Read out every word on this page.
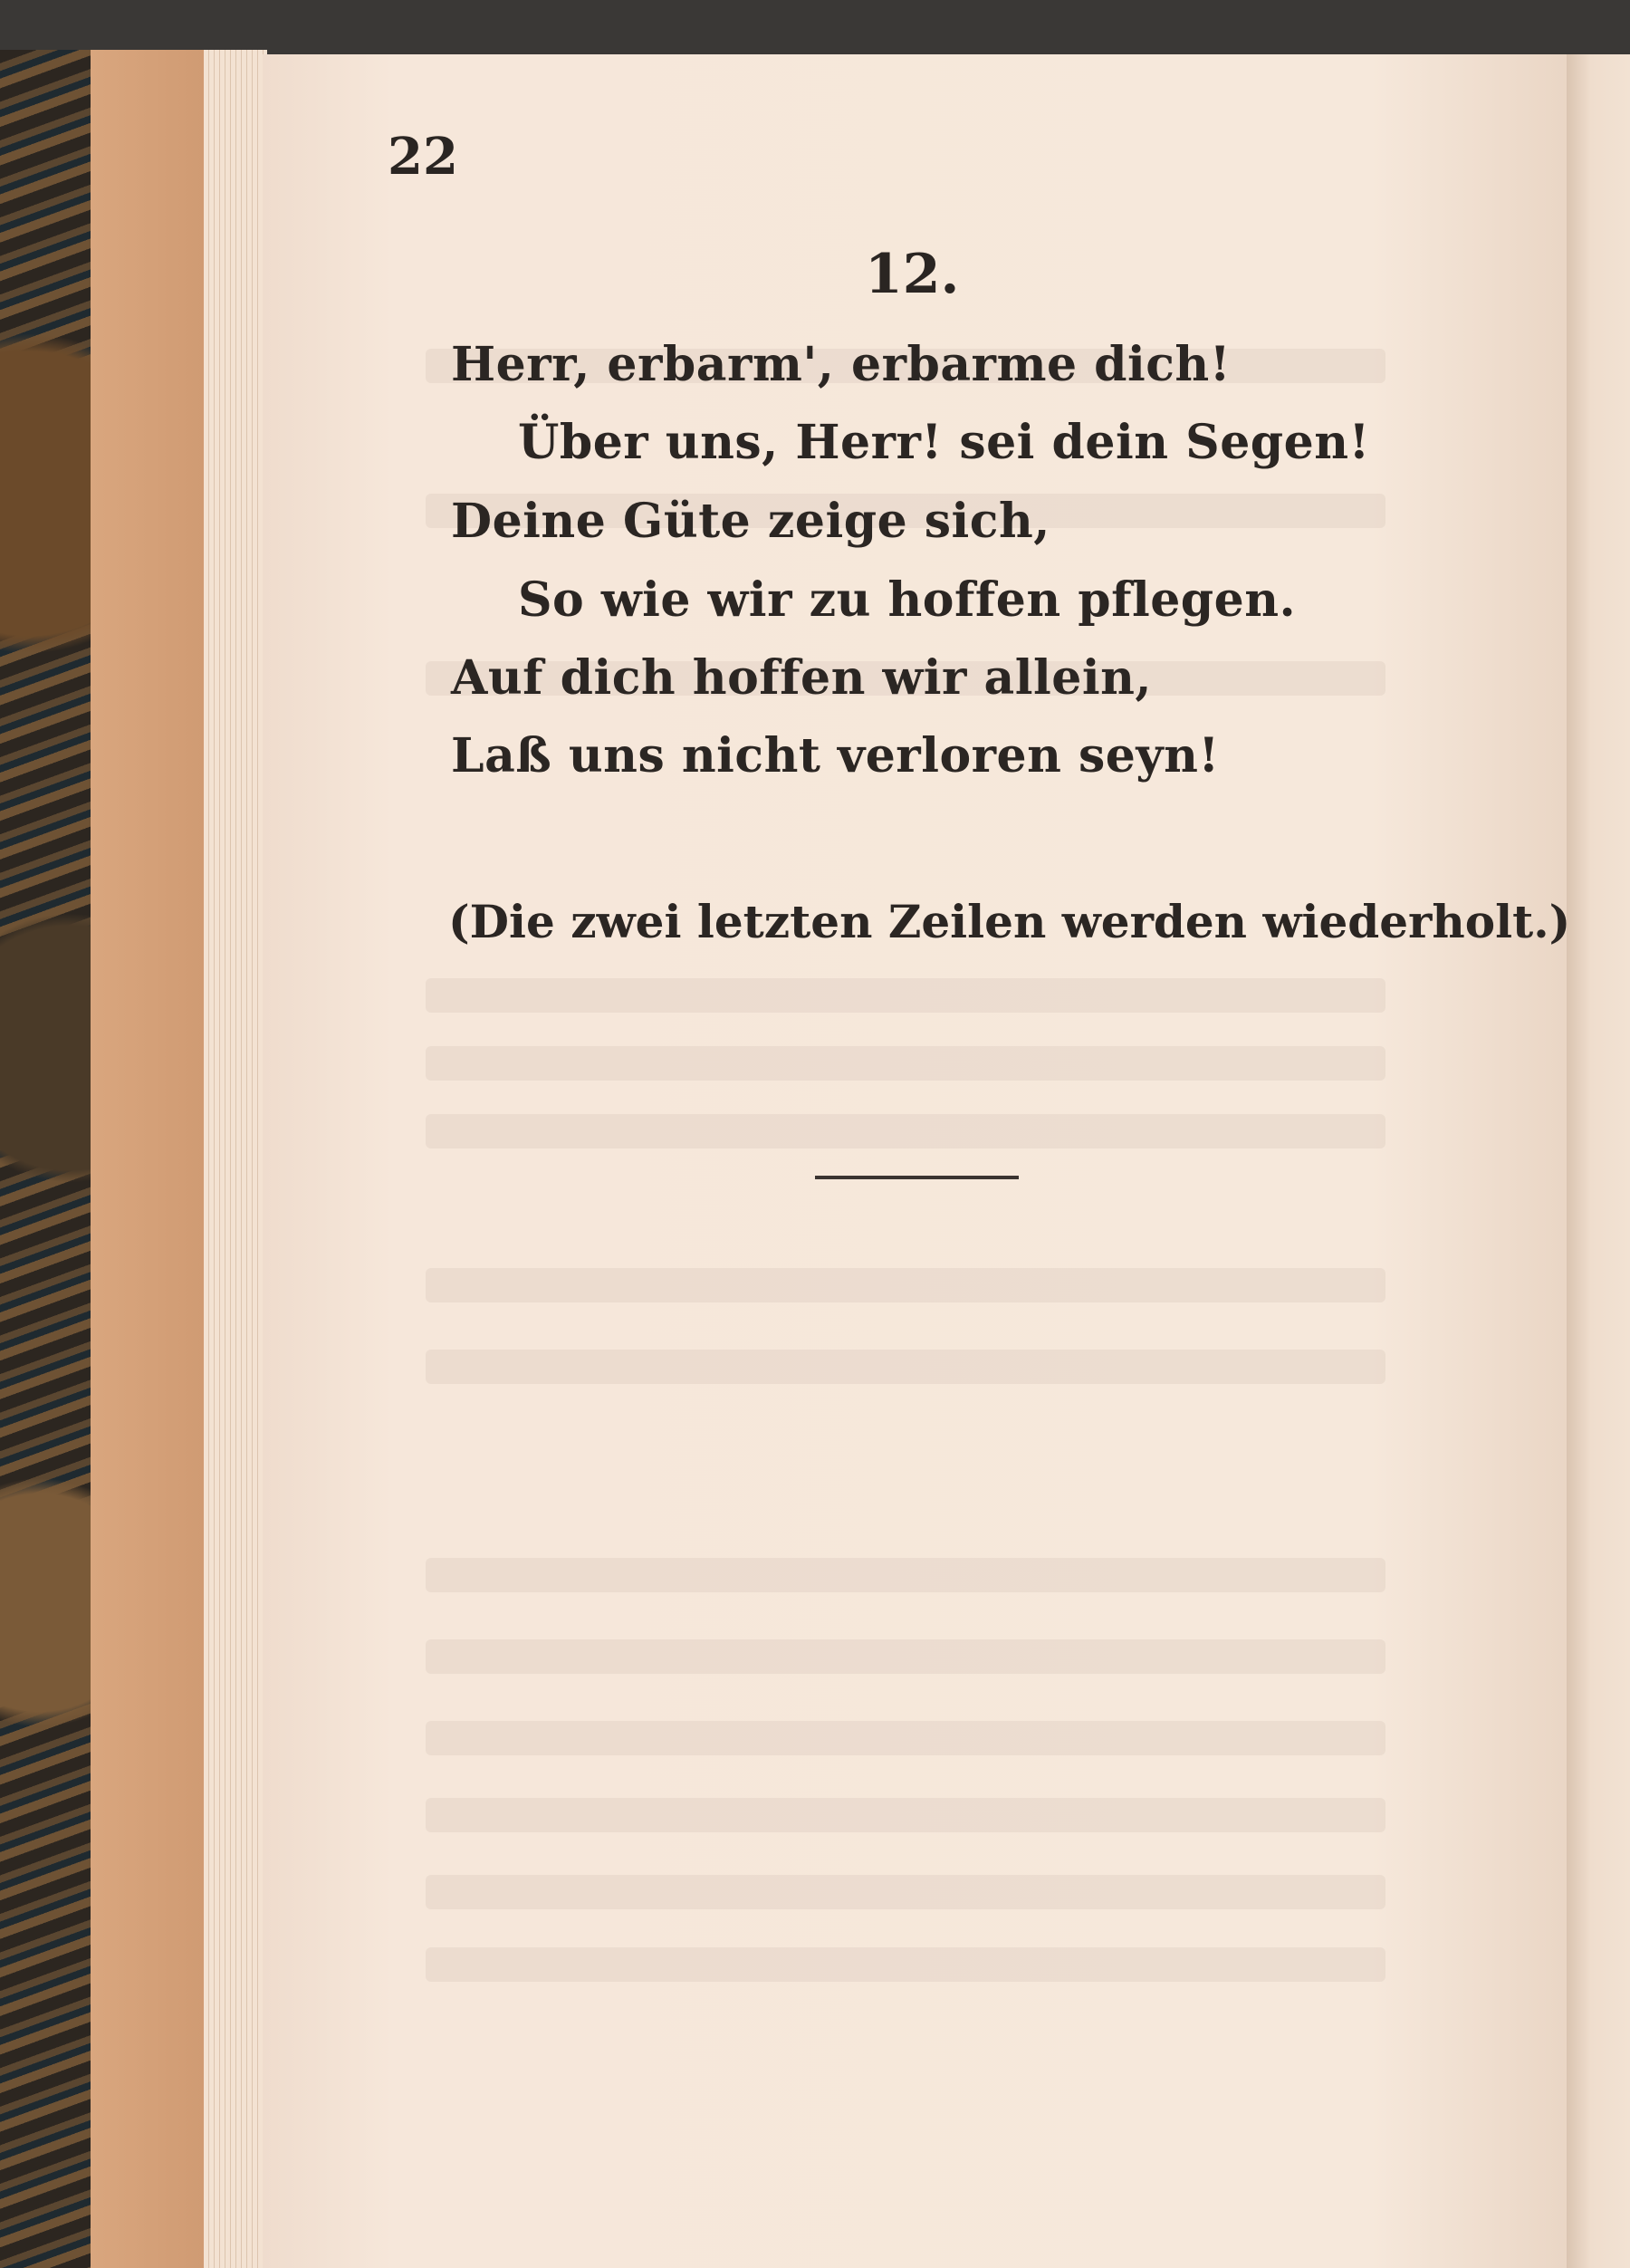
22

12.

Herr, erbarm', erbarme dich!

Über uns, Herr! sei dein Segen!

Deine Güte zeige sich,

So wie wir zu hoffen pflegen.

Auf dich hoffen wir allein,

Laß uns nicht verloren seyn!

(Die zwei letzten Zeilen werden wiederholt.)
